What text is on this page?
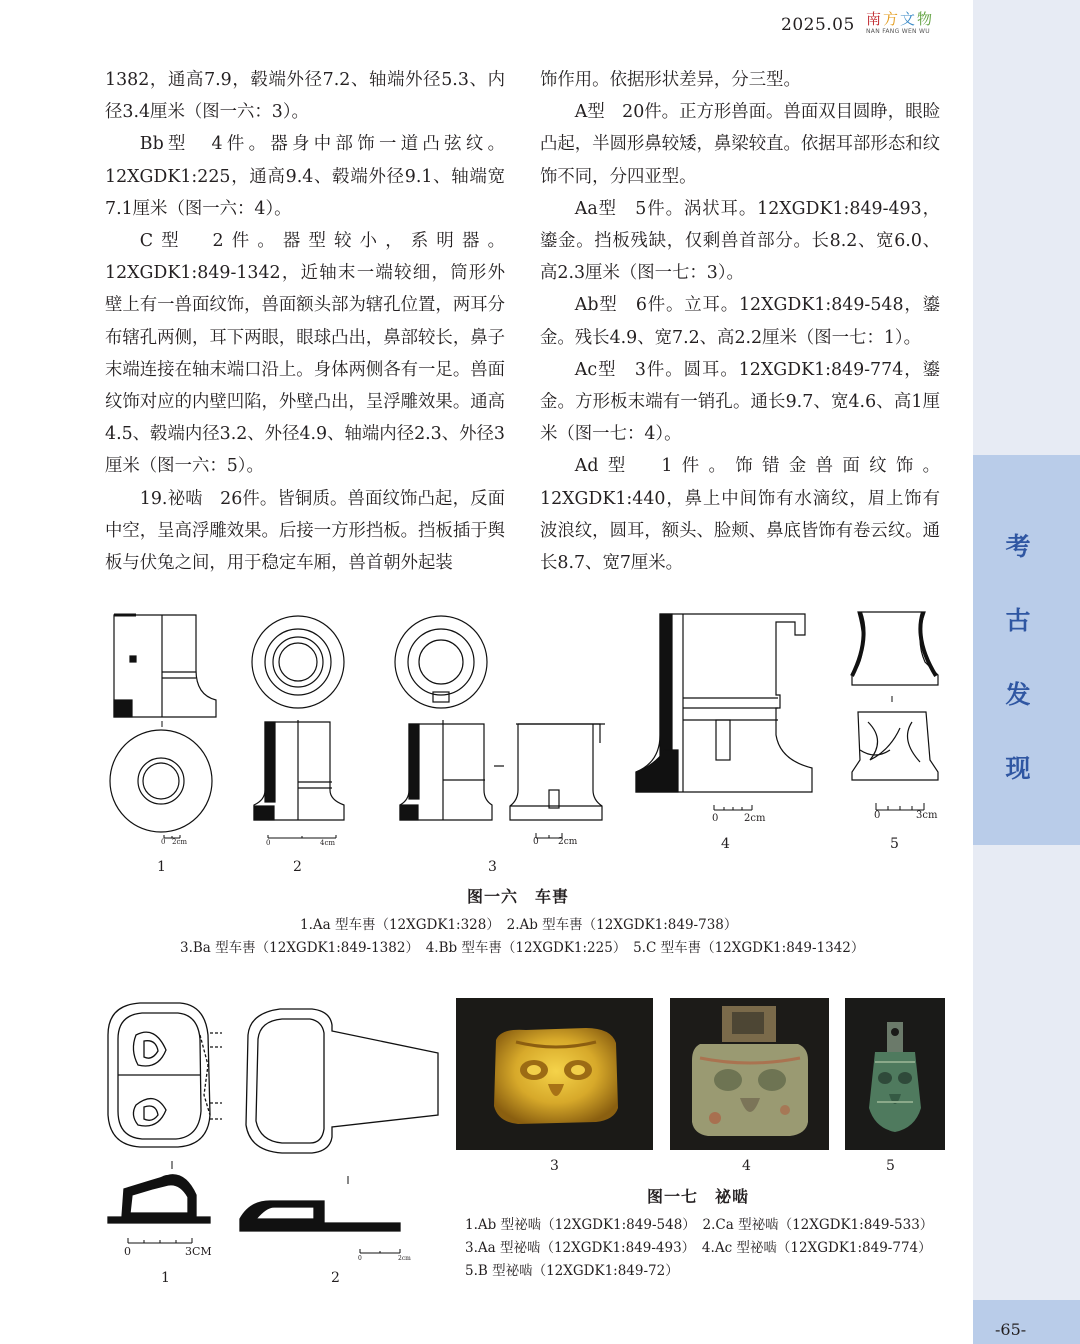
2025.05 南方文物
NAN FANG WEN WU
考
古
发
现
-65-

1382，通高7.9，毂端外径7.2、轴端外径5.3、内径3.4厘米（图一六：3）。

Bb型　4件。器身中部饰一道凸弦纹。12XGDK1:225，通高9.4、毂端外径9.1、轴端宽7.1厘米（图一六：4）。

C型　2件。器型较小，系明器。12XGDK1:849-1342，近轴末一端较细，筒形外壁上有一兽面纹饰，兽面额头部为辖孔位置，两耳分布辖孔两侧，耳下两眼，眼球凸出，鼻部较长，鼻子末端连接在轴末端口沿上。身体两侧各有一足。兽面纹饰对应的内壁凹陷，外壁凸出，呈浮雕效果。通高4.5、毂端内径3.2、外径4.9、轴端内径2.3、外径3厘米（图一六：5）。

19.祕啮　26件。皆铜质。兽面纹饰凸起，反面中空，呈高浮雕效果。后接一方形挡板。挡板插于舆板与伏兔之间，用于稳定车厢，兽首朝外起装

饰作用。依据形状差异，分三型。

A型　20件。正方形兽面。兽面双目圆睁，眼睑凸起，半圆形鼻较矮，鼻梁较直。依据耳部形态和纹饰不同，分四亚型。

Aa型　5件。涡状耳。12XGDK1:849-493，鎏金。挡板残缺，仅剩兽首部分。长8.2、宽6.0、高2.3厘米（图一七：3）。

Ab型　6件。立耳。12XGDK1:849-548，鎏金。残长4.9、宽7.2、高2.2厘米（图一七：1）。

Ac型　3件。圆耳。12XGDK1:849-774，鎏金。方形板末端有一销孔。通长9.7、宽4.6、高1厘米（图一七：4）。

Ad型　1件。饰错金兽面纹饰。12XGDK1:440，鼻上中间饰有水滴纹，眉上饰有波浪纹，圆耳，额头、脸颊、鼻底皆饰有卷云纹。通长8.7、宽7厘米。

0 2cm	0	4cm	0 2cm
0	2cm	0	3cm
1	2	3
4	5
图一六　车軎
1.Aa 型车軎（12XGDK1:328）　2.Ab 型车軎（12XGDK1:849-738）
3.Ba 型车軎（12XGDK1:849-1382）　4.Bb 型车軎（12XGDK1:225）　5.C 型车軎（12XGDK1:849-1342）
0	3CM
0	2cm
1	2
3	4	5
图一七　祕啮
1.Ab 型祕啮（12XGDK1:849-548）　2.Ca 型祕啮（12XGDK1:849-533）
3.Aa 型祕啮（12XGDK1:849-493）　4.Ac 型祕啮（12XGDK1:849-774）
5.B 型祕啮（12XGDK1:849-72）
